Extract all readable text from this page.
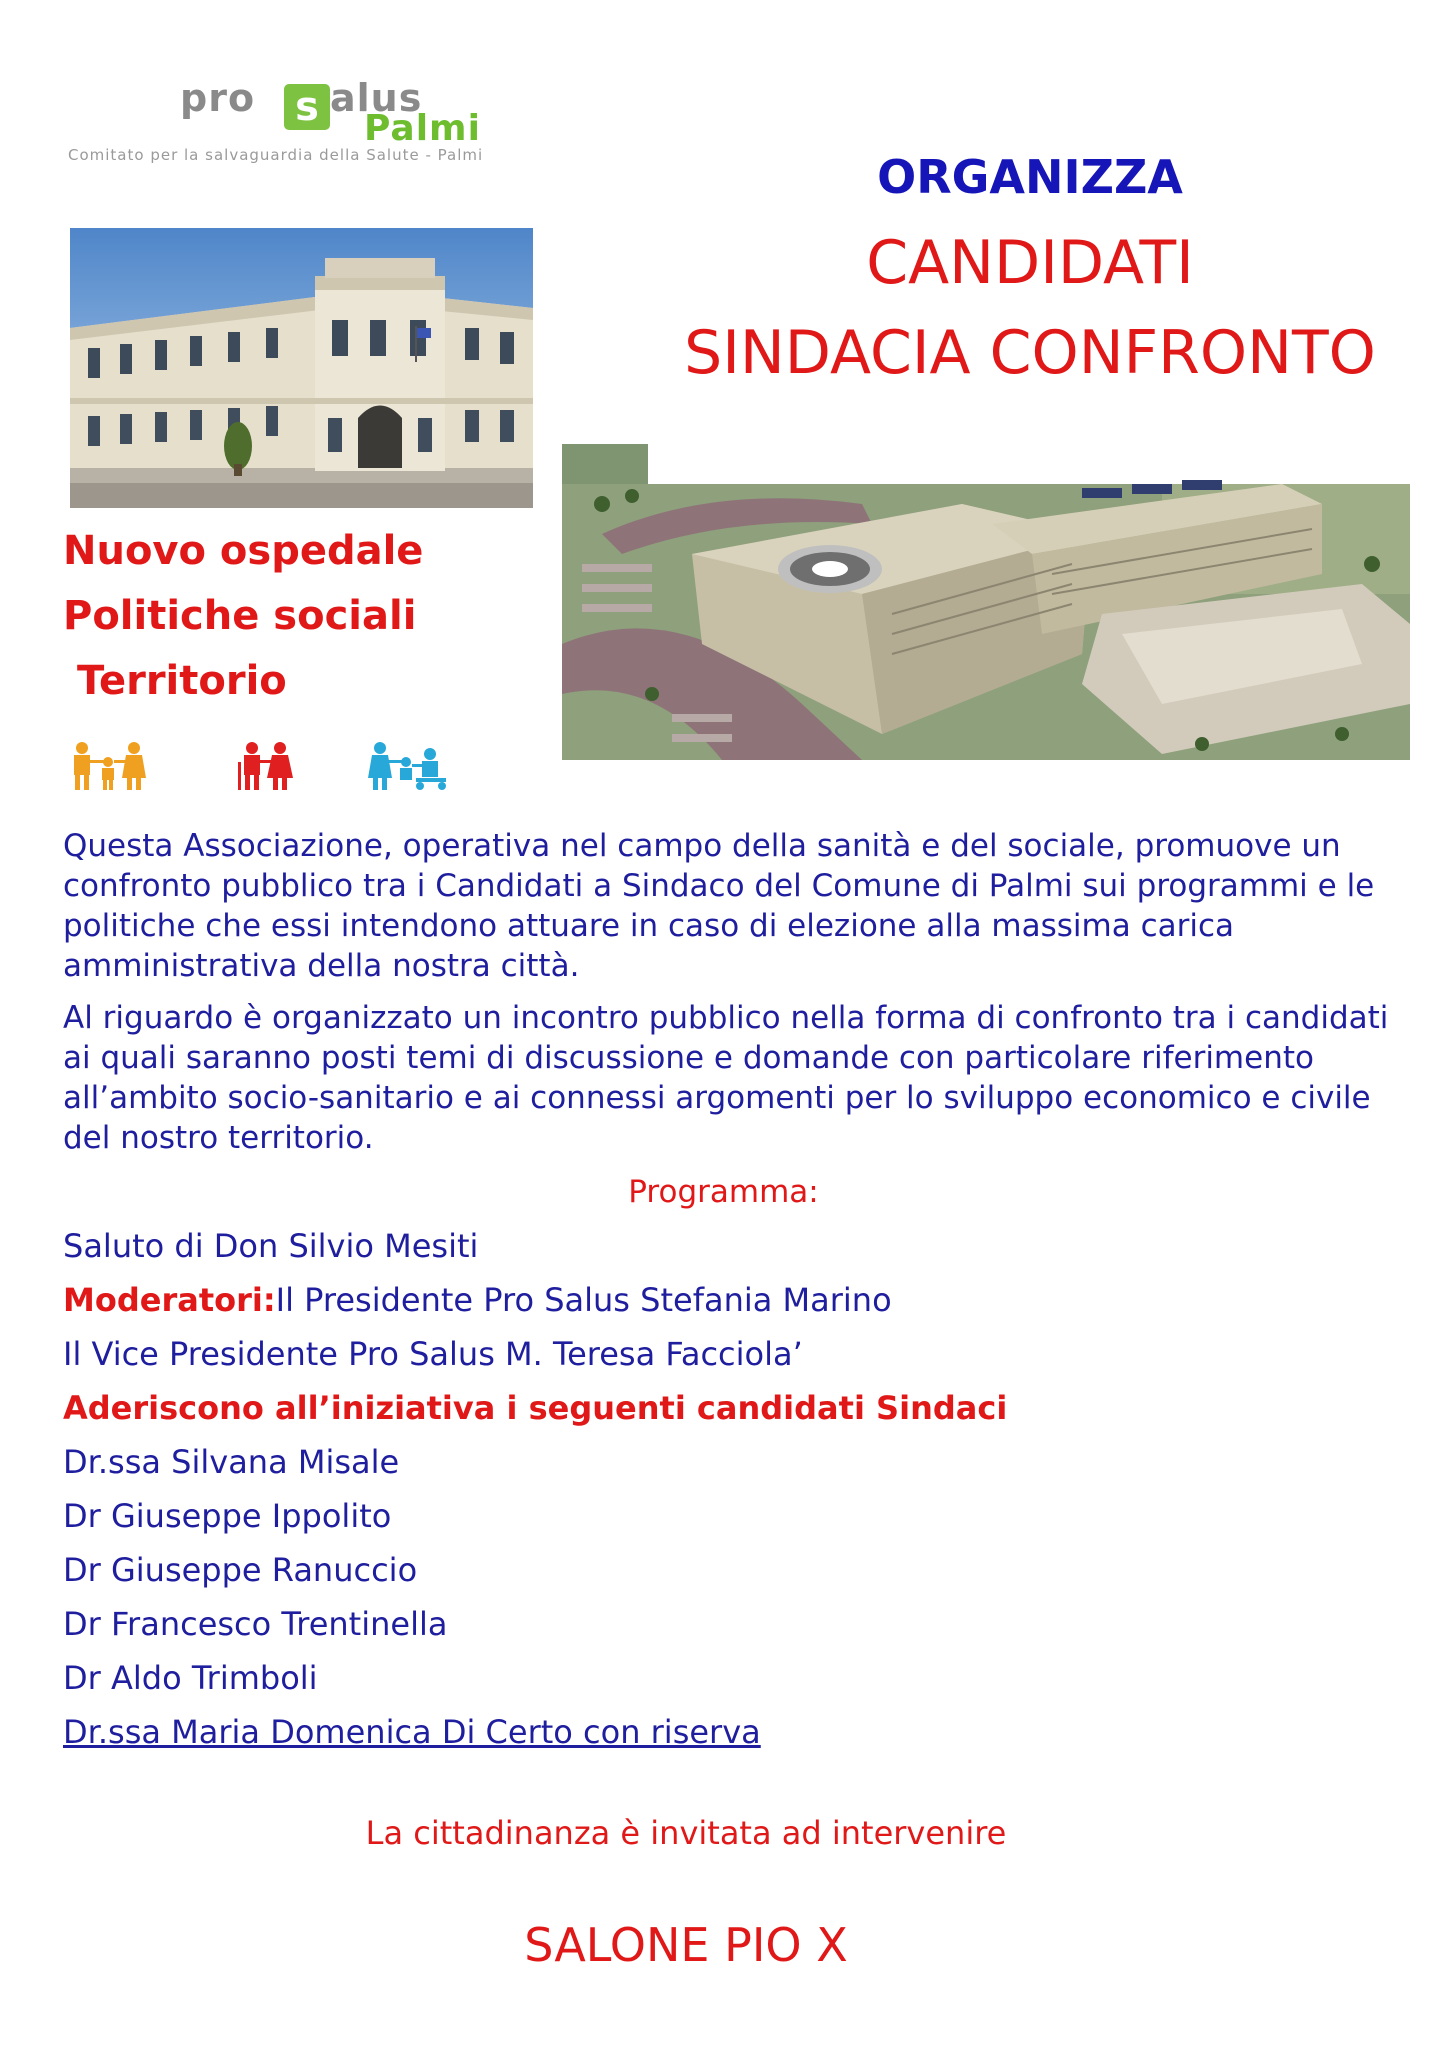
pro s alus
Palmi
Comitato per la salvaguardia della Salute - Palmi	ORGANIZZA
CANDIDATI
SINDACIA CONFRONTO
Nuovo ospedale
Politiche sociali
Territorio
Questa Associazione, operativa nel campo della sanità e del sociale, promuove un confronto pubblico tra i Candidati a Sindaco del Comune di Palmi sui programmi e le politiche che essi intendono attuare in caso di elezione alla massima carica amministrativa della nostra città.
Al riguardo è organizzato un incontro pubblico nella forma di confronto tra i candidati ai quali saranno posti temi di discussione e domande con particolare riferimento all’ambito socio-sanitario e ai connessi argomenti per lo sviluppo economico e civile del nostro territorio.
Programma:
Saluto di Don Silvio Mesiti
Moderatori:Il Presidente Pro Salus Stefania Marino
Il Vice Presidente Pro Salus M. Teresa Facciola’
Aderiscono all’iniziativa i seguenti candidati Sindaci
Dr.ssa Silvana Misale
Dr Giuseppe Ippolito
Dr Giuseppe Ranuccio
Dr Francesco Trentinella
Dr Aldo Trimboli
Dr.ssa Maria Domenica Di Certo con riserva
La cittadinanza è invitata ad intervenire
SALONE PIO X
